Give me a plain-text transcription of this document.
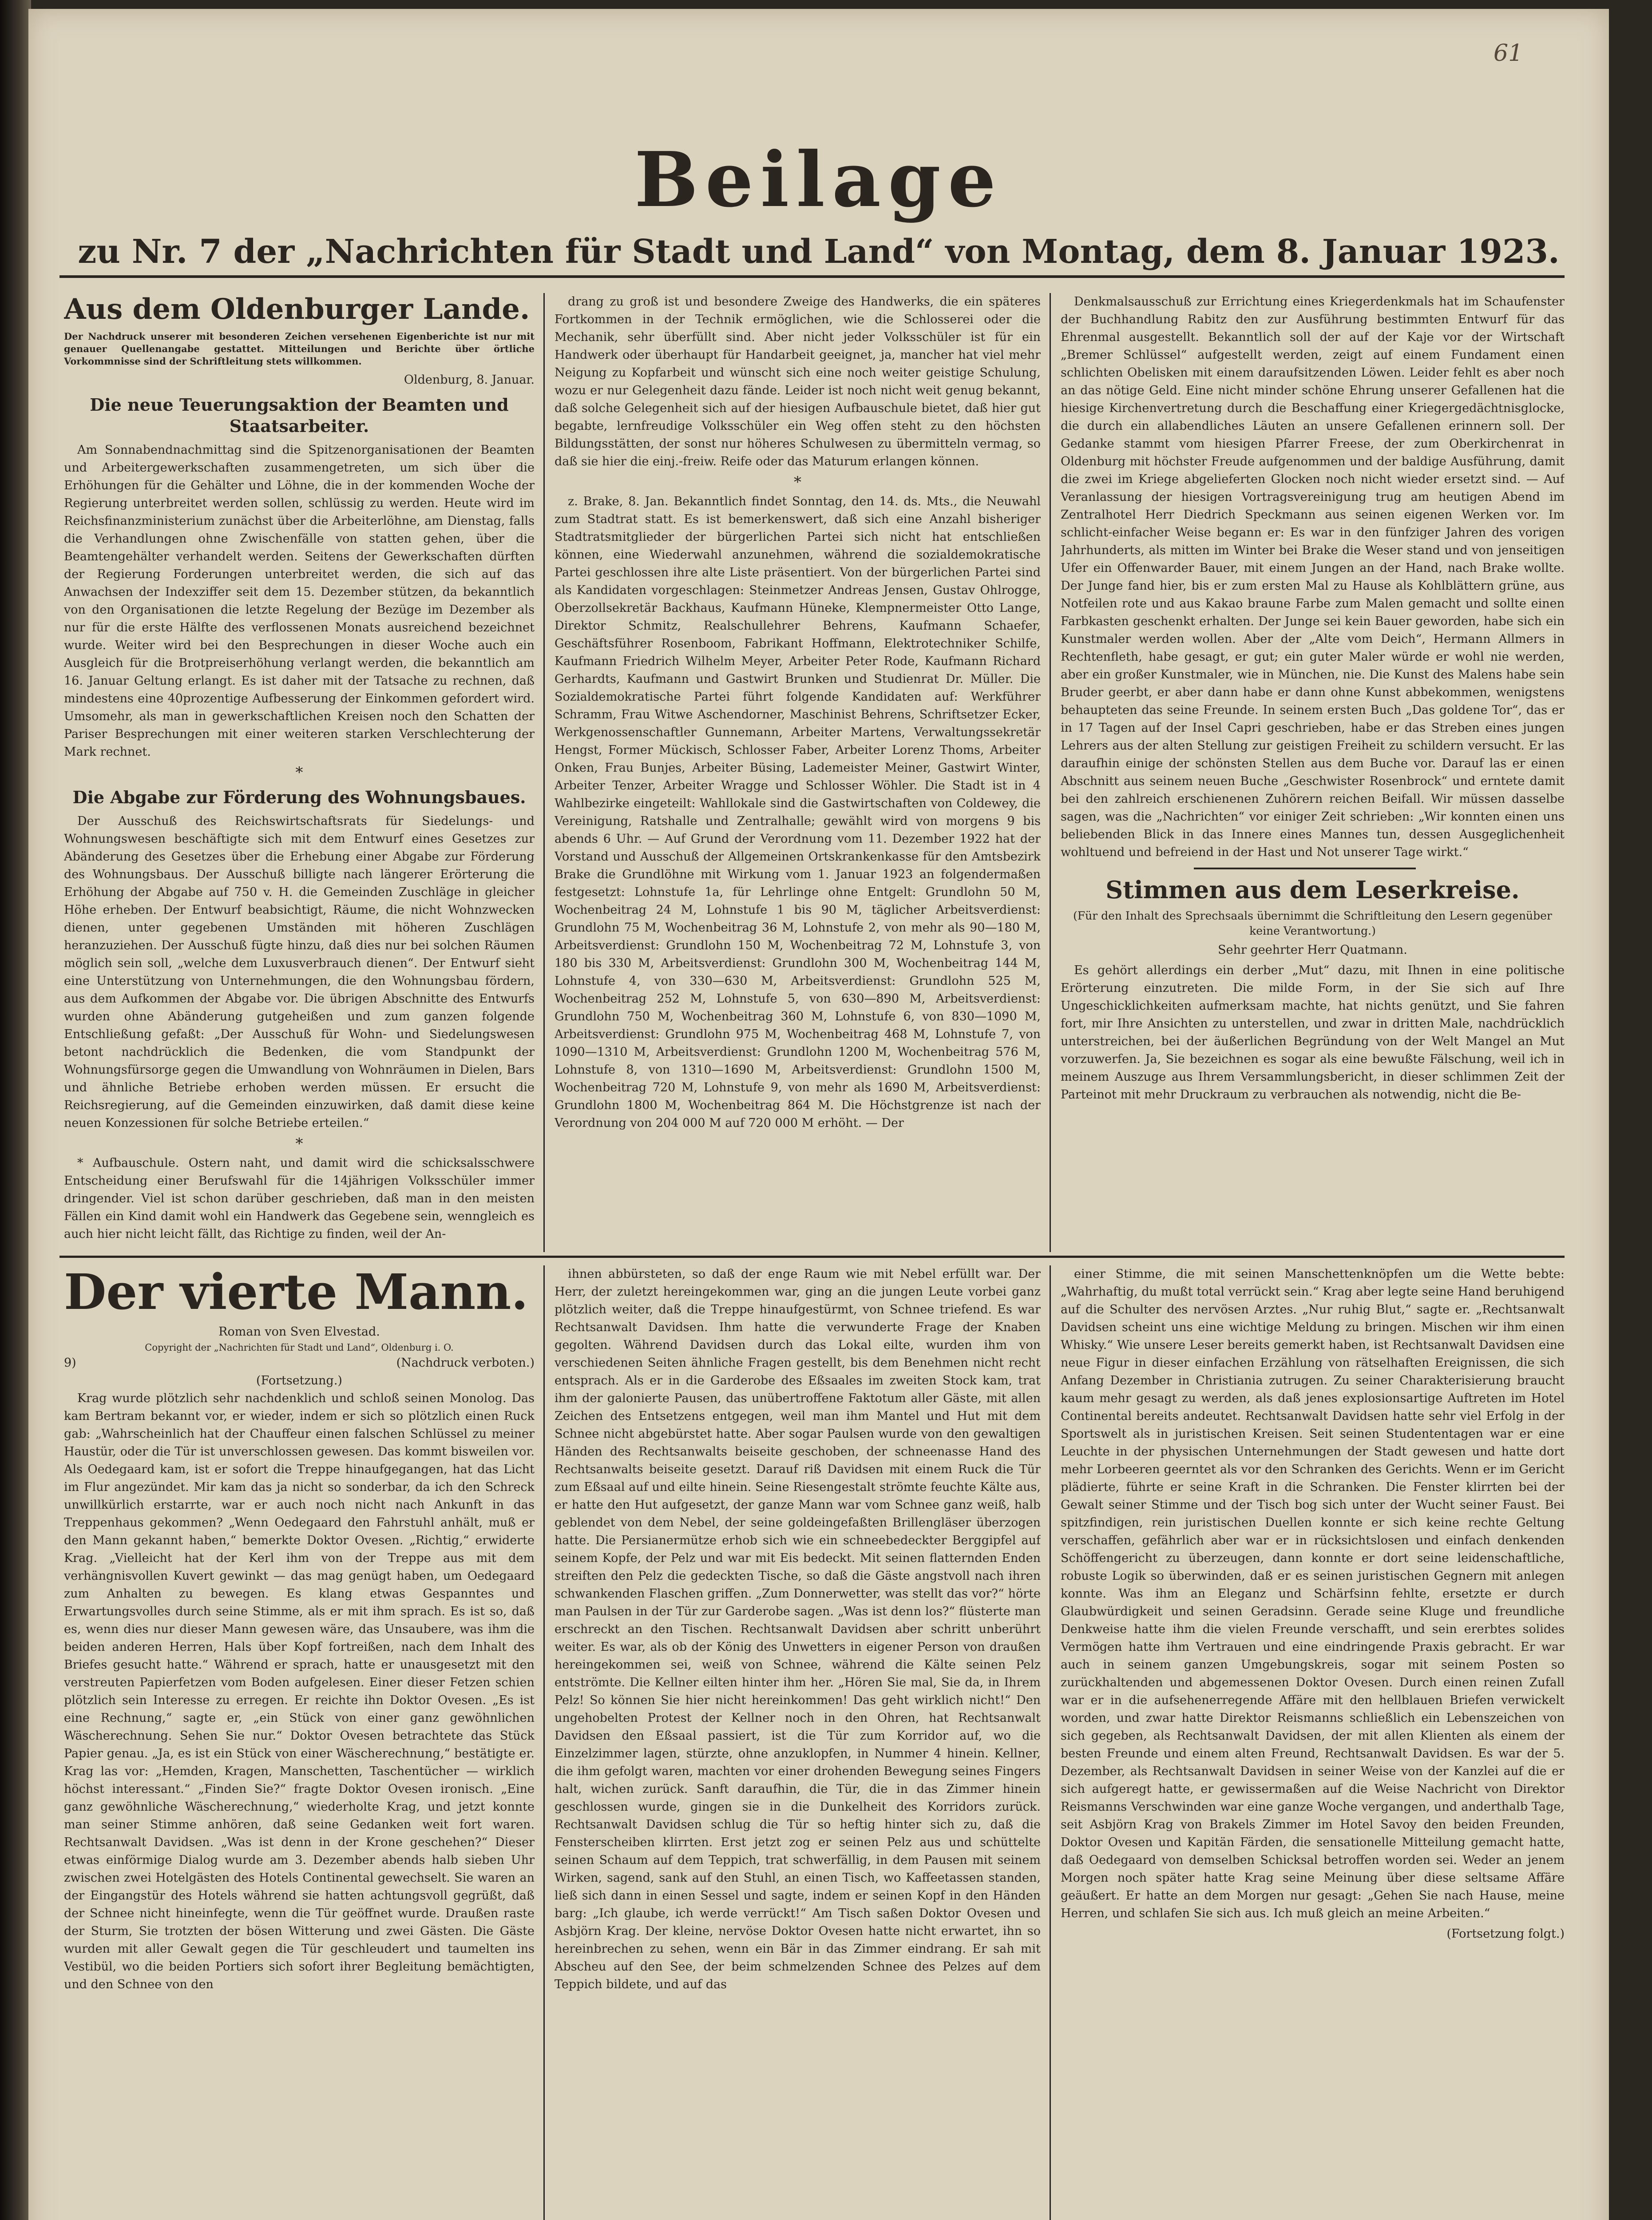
61
Beilage
zu Nr. 7 der „Nachrichten für Stadt und Land“ von Montag, dem 8. Januar 1923.
Aus dem Oldenburger Lande.
Der Nachdruck unserer mit besonderen Zeichen versehenen Eigenberichte ist nur mit genauer Quellenangabe gestattet. Mitteilungen und Berichte über örtliche Vorkommnisse sind der Schriftleitung stets willkommen.
Oldenburg, 8. Januar.
Die neue Teuerungsaktion der Beamten und Staatsarbeiter.

Am Sonnabendnachmittag sind die Spitzenorganisationen der Beamten und Arbeitergewerkschaften zusammengetreten, um sich über die Erhöhungen für die Gehälter und Löhne, die in der kommenden Woche der Regierung unterbreitet werden sollen, schlüssig zu werden. Heute wird im Reichsfinanzministerium zunächst über die Arbeiterlöhne, am Dienstag, falls die Verhandlungen ohne Zwischenfälle von statten gehen, über die Beamtengehälter verhandelt werden. Seitens der Gewerkschaften dürften der Regierung Forderungen unterbreitet werden, die sich auf das Anwachsen der Indexziffer seit dem 15. Dezember stützen, da bekanntlich von den Organisationen die letzte Regelung der Bezüge im Dezember als nur für die erste Hälfte des verflossenen Monats ausreichend bezeichnet wurde. Weiter wird bei den Besprechungen in dieser Woche auch ein Ausgleich für die Brotpreiserhöhung verlangt werden, die bekanntlich am 16. Januar Geltung erlangt. Es ist daher mit der Tatsache zu rechnen, daß mindestens eine 40prozentige Aufbesserung der Einkommen gefordert wird. Umsomehr, als man in gewerkschaftlichen Kreisen noch den Schatten der Pariser Besprechungen mit einer weiteren starken Verschlechterung der Mark rechnet.

*
Die Abgabe zur Förderung des Wohnungsbaues.

Der Ausschuß des Reichswirtschaftsrats für Siedelungs- und Wohnungswesen beschäftigte sich mit dem Entwurf eines Gesetzes zur Abänderung des Gesetzes über die Erhebung einer Abgabe zur Förderung des Wohnungsbaus. Der Ausschuß billigte nach längerer Erörterung die Erhöhung der Abgabe auf 750 v. H. die Gemeinden Zuschläge in gleicher Höhe erheben. Der Entwurf beabsichtigt, Räume, die nicht Wohnzwecken dienen, unter gegebenen Umständen mit höheren Zuschlägen heranzuziehen. Der Ausschuß fügte hinzu, daß dies nur bei solchen Räumen möglich sein soll, „welche dem Luxusverbrauch dienen“. Der Entwurf sieht eine Unterstützung von Unternehmungen, die den Wohnungsbau fördern, aus dem Aufkommen der Abgabe vor. Die übrigen Abschnitte des Entwurfs wurden ohne Abänderung gutgeheißen und zum ganzen folgende Entschließung gefaßt: „Der Ausschuß für Wohn- und Siedelungswesen betont nachdrücklich die Bedenken, die vom Standpunkt der Wohnungsfürsorge gegen die Umwandlung von Wohnräumen in Dielen, Bars und ähnliche Betriebe erhoben werden müssen. Er ersucht die Reichsregierung, auf die Gemeinden einzuwirken, daß damit diese keine neuen Konzessionen für solche Betriebe erteilen.“

*

* Aufbauschule. Ostern naht, und damit wird die schicksalsschwere Entscheidung einer Berufswahl für die 14jährigen Volksschüler immer dringender. Viel ist schon darüber geschrieben, daß man in den meisten Fällen ein Kind damit wohl ein Handwerk das Gegebene sein, wenngleich es auch hier nicht leicht fällt, das Richtige zu finden, weil der An-

drang zu groß ist und besondere Zweige des Handwerks, die ein späteres Fortkommen in der Technik ermöglichen, wie die Schlosserei oder die Mechanik, sehr überfüllt sind. Aber nicht jeder Volksschüler ist für ein Handwerk oder überhaupt für Handarbeit geeignet, ja, mancher hat viel mehr Neigung zu Kopfarbeit und wünscht sich eine noch weiter geistige Schulung, wozu er nur Gelegenheit dazu fände. Leider ist noch nicht weit genug bekannt, daß solche Gelegenheit sich auf der hiesigen Aufbauschule bietet, daß hier gut begabte, lernfreudige Volksschüler ein Weg offen steht zu den höchsten Bildungsstätten, der sonst nur höheres Schulwesen zu übermitteln vermag, so daß sie hier die einj.-freiw. Reife oder das Maturum erlangen können.

*

z. Brake, 8. Jan. Bekanntlich findet Sonntag, den 14. ds. Mts., die Neuwahl zum Stadtrat statt. Es ist bemerkenswert, daß sich eine Anzahl bisheriger Stadtratsmitglieder der bürgerlichen Partei sich nicht hat entschließen können, eine Wiederwahl anzunehmen, während die sozialdemokratische Partei geschlossen ihre alte Liste präsentiert. Von der bürgerlichen Partei sind als Kandidaten vorgeschlagen: Steinmetzer Andreas Jensen, Gustav Ohlrogge, Oberzollsekretär Backhaus, Kaufmann Hüneke, Klempnermeister Otto Lange, Direktor Schmitz, Realschullehrer Behrens, Kaufmann Schaefer, Geschäftsführer Rosenboom, Fabrikant Hoffmann, Elektrotechniker Schilfe, Kaufmann Friedrich Wilhelm Meyer, Arbeiter Peter Rode, Kaufmann Richard Gerhardts, Kaufmann und Gastwirt Brunken und Studienrat Dr. Müller. Die Sozialdemokratische Partei führt folgende Kandidaten auf: Werkführer Schramm, Frau Witwe Aschendorner, Maschinist Behrens, Schriftsetzer Ecker, Werkgenossenschaftler Gunnemann, Arbeiter Martens, Verwaltungssekretär Hengst, Former Mückisch, Schlosser Faber, Arbeiter Lorenz Thoms, Arbeiter Onken, Frau Bunjes, Arbeiter Büsing, Lademeister Meiner, Gastwirt Winter, Arbeiter Tenzer, Arbeiter Wragge und Schlosser Wöhler. Die Stadt ist in 4 Wahlbezirke eingeteilt: Wahllokale sind die Gastwirtschaften von Coldewey, die Vereinigung, Ratshalle und Zentralhalle; gewählt wird von morgens 9 bis abends 6 Uhr. — Auf Grund der Verordnung vom 11. Dezember 1922 hat der Vorstand und Ausschuß der Allgemeinen Ortskrankenkasse für den Amtsbezirk Brake die Grundlöhne mit Wirkung vom 1. Januar 1923 an folgendermaßen festgesetzt: Lohnstufe 1a, für Lehrlinge ohne Entgelt: Grundlohn 50 M, Wochenbeitrag 24 M, Lohnstufe 1 bis 90 M, täglicher Arbeitsverdienst: Grundlohn 75 M, Wochenbeitrag 36 M, Lohnstufe 2, von mehr als 90—180 M, Arbeitsverdienst: Grundlohn 150 M, Wochenbeitrag 72 M, Lohnstufe 3, von 180 bis 330 M, Arbeitsverdienst: Grundlohn 300 M, Wochenbeitrag 144 M, Lohnstufe 4, von 330—630 M, Arbeitsverdienst: Grundlohn 525 M, Wochenbeitrag 252 M, Lohnstufe 5, von 630—890 M, Arbeitsverdienst: Grundlohn 750 M, Wochenbeitrag 360 M, Lohnstufe 6, von 830—1090 M, Arbeitsverdienst: Grundlohn 975 M, Wochenbeitrag 468 M, Lohnstufe 7, von 1090—1310 M, Arbeitsverdienst: Grundlohn 1200 M, Wochenbeitrag 576 M, Lohnstufe 8, von 1310—1690 M, Arbeitsverdienst: Grundlohn 1500 M, Wochenbeitrag 720 M, Lohnstufe 9, von mehr als 1690 M, Arbeitsverdienst: Grundlohn 1800 M, Wochenbeitrag 864 M. Die Höchstgrenze ist nach der Verordnung von 204 000 M auf 720 000 M erhöht. — Der

Denkmalsausschuß zur Errichtung eines Kriegerdenkmals hat im Schaufenster der Buchhandlung Rabitz den zur Ausführung bestimmten Entwurf für das Ehrenmal ausgestellt. Bekanntlich soll der auf der Kaje vor der Wirtschaft „Bremer Schlüssel“ aufgestellt werden, zeigt auf einem Fundament einen schlichten Obelisken mit einem daraufsitzenden Löwen. Leider fehlt es aber noch an das nötige Geld. Eine nicht minder schöne Ehrung unserer Gefallenen hat die hiesige Kirchenvertretung durch die Beschaffung einer Kriegergedächtnisglocke, die durch ein allabendliches Läuten an unsere Gefallenen erinnern soll. Der Gedanke stammt vom hiesigen Pfarrer Freese, der zum Oberkirchenrat in Oldenburg mit höchster Freude aufgenommen und der baldige Ausführung, damit die zwei im Kriege abgelieferten Glocken noch nicht wieder ersetzt sind. — Auf Veranlassung der hiesigen Vortragsvereinigung trug am heutigen Abend im Zentralhotel Herr Diedrich Speckmann aus seinen eigenen Werken vor. Im schlicht-einfacher Weise begann er: Es war in den fünfziger Jahren des vorigen Jahrhunderts, als mitten im Winter bei Brake die Weser stand und von jenseitigen Ufer ein Offenwarder Bauer, mit einem Jungen an der Hand, nach Brake wollte. Der Junge fand hier, bis er zum ersten Mal zu Hause als Kohlblättern grüne, aus Notfeilen rote und aus Kakao braune Farbe zum Malen gemacht und sollte einen Farbkasten geschenkt erhalten. Der Junge sei kein Bauer geworden, habe sich ein Kunstmaler werden wollen. Aber der „Alte vom Deich“, Hermann Allmers in Rechtenfleth, habe gesagt, er gut; ein guter Maler würde er wohl nie werden, aber ein großer Kunstmaler, wie in München, nie. Die Kunst des Malens habe sein Bruder geerbt, er aber dann habe er dann ohne Kunst abbekommen, wenigstens behaupteten das seine Freunde. In seinem ersten Buch „Das goldene Tor“, das er in 17 Tagen auf der Insel Capri geschrieben, habe er das Streben eines jungen Lehrers aus der alten Stellung zur geistigen Freiheit zu schildern versucht. Er las daraufhin einige der schönsten Stellen aus dem Buche vor. Darauf las er einen Abschnitt aus seinem neuen Buche „Geschwister Rosenbrock“ und erntete damit bei den zahlreich erschienenen Zuhörern reichen Beifall. Wir müssen dasselbe sagen, was die „Nachrichten“ vor einiger Zeit schrieben: „Wir konnten einen uns beliebenden Blick in das Innere eines Mannes tun, dessen Ausgeglichenheit wohltuend und befreiend in der Hast und Not unserer Tage wirkt.“

Stimmen aus dem Leserkreise.
(Für den Inhalt des Sprechsaals übernimmt die Schriftleitung den Lesern gegenüber keine Verantwortung.)
Sehr geehrter Herr Quatmann.

Es gehört allerdings ein derber „Mut“ dazu, mit Ihnen in eine politische Erörterung einzutreten. Die milde Form, in der Sie sich auf Ihre Ungeschicklichkeiten aufmerksam machte, hat nichts genützt, und Sie fahren fort, mir Ihre Ansichten zu unterstellen, und zwar in dritten Male, nachdrücklich unterstreichen, bei der äußerlichen Begründung von der Welt Mangel an Mut vorzuwerfen. Ja, Sie bezeichnen es sogar als eine bewußte Fälschung, weil ich in meinem Auszuge aus Ihrem Versammlungsbericht, in dieser schlimmen Zeit der Parteinot mit mehr Druckraum zu verbrauchen als notwendig, nicht die Be-

Der vierte Mann.
Roman von Sven Elvestad.
Copyright der „Nachrichten für Stadt und Land“, Oldenburg i. O.
9)	(Nachdruck verboten.)
(Fortsetzung.)

Krag wurde plötzlich sehr nachdenklich und schloß seinen Monolog. Das kam Bertram bekannt vor, er wieder, indem er sich so plötzlich einen Ruck gab: „Wahrscheinlich hat der Chauffeur einen falschen Schlüssel zu meiner Haustür, oder die Tür ist unverschlossen gewesen. Das kommt bisweilen vor. Als Oedegaard kam, ist er sofort die Treppe hinaufgegangen, hat das Licht im Flur angezündet. Mir kam das ja nicht so sonderbar, da ich den Schreck unwillkürlich erstarrte, war er auch noch nicht nach Ankunft in das Treppenhaus gekommen? „Wenn Oedegaard den Fahrstuhl anhält, muß er den Mann gekannt haben,“ bemerkte Doktor Ovesen. „Richtig,“ erwiderte Krag. „Vielleicht hat der Kerl ihm von der Treppe aus mit dem verhängnisvollen Kuvert gewinkt — das mag genügt haben, um Oedegaard zum Anhalten zu bewegen. Es klang etwas Gespanntes und Erwartungsvolles durch seine Stimme, als er mit ihm sprach. Es ist so, daß es, wenn dies nur dieser Mann gewesen wäre, das Unsaubere, was ihm die beiden anderen Herren, Hals über Kopf fortreißen, nach dem Inhalt des Briefes gesucht hatte.“ Während er sprach, hatte er unausgesetzt mit den verstreuten Papierfetzen vom Boden aufgelesen. Einer dieser Fetzen schien plötzlich sein Interesse zu erregen. Er reichte ihn Doktor Ovesen. „Es ist eine Rechnung,“ sagte er, „ein Stück von einer ganz gewöhnlichen Wäscherechnung. Sehen Sie nur.“ Doktor Ovesen betrachtete das Stück Papier genau. „Ja, es ist ein Stück von einer Wäscherechnung,“ bestätigte er. Krag las vor: „Hemden, Kragen, Manschetten, Taschentücher — wirklich höchst interessant.“ „Finden Sie?“ fragte Doktor Ovesen ironisch. „Eine ganz gewöhnliche Wäscherechnung,“ wiederholte Krag, und jetzt konnte man seiner Stimme anhören, daß seine Gedanken weit fort waren. Rechtsanwalt Davidsen. „Was ist denn in der Krone geschehen?“ Dieser etwas einförmige Dialog wurde am 3. Dezember abends halb sieben Uhr zwischen zwei Hotelgästen des Hotels Continental gewechselt. Sie waren an der Eingangstür des Hotels während sie hatten achtungsvoll gegrüßt, daß der Schnee nicht hineinfegte, wenn die Tür geöffnet wurde. Draußen raste der Sturm, Sie trotzten der bösen Witterung und zwei Gästen. Die Gäste wurden mit aller Gewalt gegen die Tür geschleudert und taumelten ins Vestibül, wo die beiden Portiers sich sofort ihrer Begleitung bemächtigten, und den Schnee von den

ihnen abbürsteten, so daß der enge Raum wie mit Nebel erfüllt war. Der Herr, der zuletzt hereingekommen war, ging an die jungen Leute vorbei ganz plötzlich weiter, daß die Treppe hinaufgestürmt, von Schnee triefend. Es war Rechtsanwalt Davidsen. Ihm hatte die verwunderte Frage der Knaben gegolten. Während Davidsen durch das Lokal eilte, wurden ihm von verschiedenen Seiten ähnliche Fragen gestellt, bis dem Benehmen nicht recht entsprach. Als er in die Garderobe des Eßsaales im zweiten Stock kam, trat ihm der galonierte Pausen, das unübertroffene Faktotum aller Gäste, mit allen Zeichen des Entsetzens entgegen, weil man ihm Mantel und Hut mit dem Schnee nicht abgebürstet hatte. Aber sogar Paulsen wurde von den gewaltigen Händen des Rechtsanwalts beiseite geschoben, der schneenasse Hand des Rechtsanwalts beiseite gesetzt. Darauf riß Davidsen mit einem Ruck die Tür zum Eßsaal auf und eilte hinein. Seine Riesengestalt strömte feuchte Kälte aus, er hatte den Hut aufgesetzt, der ganze Mann war vom Schnee ganz weiß, halb geblendet von dem Nebel, der seine goldeingefaßten Brillengläser überzogen hatte. Die Persianermütze erhob sich wie ein schneebedeckter Berggipfel auf seinem Kopfe, der Pelz und war mit Eis bedeckt. Mit seinen flatternden Enden streiften den Pelz die gedeckten Tische, so daß die Gäste angstvoll nach ihren schwankenden Flaschen griffen. „Zum Donnerwetter, was stellt das vor?“ hörte man Paulsen in der Tür zur Garderobe sagen. „Was ist denn los?“ flüsterte man erschreckt an den Tischen. Rechtsanwalt Davidsen aber schritt unberührt weiter. Es war, als ob der König des Unwetters in eigener Person von draußen hereingekommen sei, weiß von Schnee, während die Kälte seinen Pelz entströmte. Die Kellner eilten hinter ihm her. „Hören Sie mal, Sie da, in Ihrem Pelz! So können Sie hier nicht hereinkommen! Das geht wirklich nicht!“ Den ungehobelten Protest der Kellner noch in den Ohren, hat Rechtsanwalt Davidsen den Eßsaal passiert, ist die Tür zum Korridor auf, wo die Einzelzimmer lagen, stürzte, ohne anzuklopfen, in Nummer 4 hinein. Kellner, die ihm gefolgt waren, machten vor einer drohenden Bewegung seines Fingers halt, wichen zurück. Sanft daraufhin, die Tür, die in das Zimmer hinein geschlossen wurde, gingen sie in die Dunkelheit des Korridors zurück. Rechtsanwalt Davidsen schlug die Tür so heftig hinter sich zu, daß die Fensterscheiben klirrten. Erst jetzt zog er seinen Pelz aus und schüttelte seinen Schaum auf dem Teppich, trat schwerfällig, in dem Pausen mit seinem Wirken, sagend, sank auf den Stuhl, an einen Tisch, wo Kaffeetassen standen, ließ sich dann in einen Sessel und sagte, indem er seinen Kopf in den Händen barg: „Ich glaube, ich werde verrückt!“ Am Tisch saßen Doktor Ovesen und Asbjörn Krag. Der kleine, nervöse Doktor Ovesen hatte nicht erwartet, ihn so hereinbrechen zu sehen, wenn ein Bär in das Zimmer eindrang. Er sah mit Abscheu auf den See, der beim schmelzenden Schnee des Pelzes auf dem Teppich bildete, und auf das

einer Stimme, die mit seinen Manschettenknöpfen um die Wette bebte: „Wahrhaftig, du mußt total verrückt sein.“ Krag aber legte seine Hand beruhigend auf die Schulter des nervösen Arztes. „Nur ruhig Blut,“ sagte er. „Rechtsanwalt Davidsen scheint uns eine wichtige Meldung zu bringen. Mischen wir ihm einen Whisky.“ Wie unsere Leser bereits gemerkt haben, ist Rechtsanwalt Davidsen eine neue Figur in dieser einfachen Erzählung von rätselhaften Ereignissen, die sich Anfang Dezember in Christiania zutrugen. Zu seiner Charakterisierung braucht kaum mehr gesagt zu werden, als daß jenes explosionsartige Auftreten im Hotel Continental bereits andeutet. Rechtsanwalt Davidsen hatte sehr viel Erfolg in der Sportswelt als in juristischen Kreisen. Seit seinen Studententagen war er eine Leuchte in der physischen Unternehmungen der Stadt gewesen und hatte dort mehr Lorbeeren geerntet als vor den Schranken des Gerichts. Wenn er im Gericht plädierte, führte er seine Kraft in die Schranken. Die Fenster klirrten bei der Gewalt seiner Stimme und der Tisch bog sich unter der Wucht seiner Faust. Bei spitzfindigen, rein juristischen Duellen konnte er sich keine rechte Geltung verschaffen, gefährlich aber war er in rücksichtslosen und einfach denkenden Schöffengericht zu überzeugen, dann konnte er dort seine leidenschaftliche, robuste Logik so überwinden, daß er es seinen juristischen Gegnern mit anlegen konnte. Was ihm an Eleganz und Schärfsinn fehlte, ersetzte er durch Glaubwürdigkeit und seinen Geradsinn. Gerade seine Kluge und freundliche Denkweise hatte ihm die vielen Freunde verschafft, und sein ererbtes solides Vermögen hatte ihm Vertrauen und eine eindringende Praxis gebracht. Er war auch in seinem ganzen Umgebungskreis, sogar mit seinem Posten so zurückhaltenden und abgemessenen Doktor Ovesen. Durch einen reinen Zufall war er in die aufsehenerregende Affäre mit den hellblauen Briefen verwickelt worden, und zwar hatte Direktor Reismanns schließlich ein Lebenszeichen von sich gegeben, als Rechtsanwalt Davidsen, der mit allen Klienten als einem der besten Freunde und einem alten Freund, Rechtsanwalt Davidsen. Es war der 5. Dezember, als Rechtsanwalt Davidsen in seiner Weise von der Kanzlei auf die er sich aufgeregt hatte, er gewissermaßen auf die Weise Nachricht von Direktor Reismanns Verschwinden war eine ganze Woche vergangen, und anderthalb Tage, seit Asbjörn Krag von Brakels Zimmer im Hotel Savoy den beiden Freunden, Doktor Ovesen und Kapitän Färden, die sensationelle Mitteilung gemacht hatte, daß Oedegaard von demselben Schicksal betroffen worden sei. Weder an jenem Morgen noch später hatte Krag seine Meinung über diese seltsame Affäre geäußert. Er hatte an dem Morgen nur gesagt: „Gehen Sie nach Hause, meine Herren, und schlafen Sie sich aus. Ich muß gleich an meine Arbeiten.“

(Fortsetzung folgt.)
